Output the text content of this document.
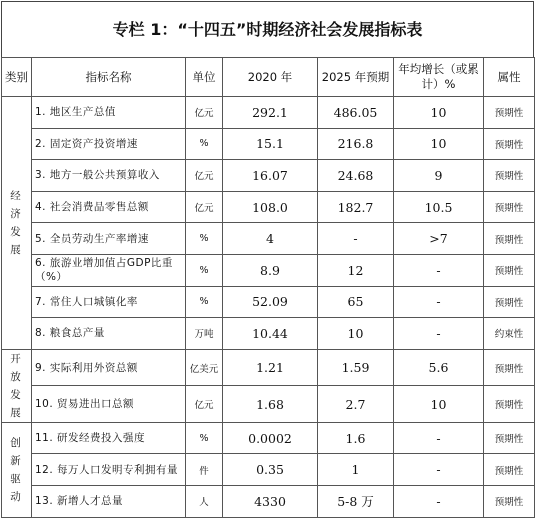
专栏 1：“十四五”时期经济社会发展指标表
类别	指标名称	单位	2020 年	2025 年预期	年均增长（或累计）%	属性
经济发展	1. 地区生产总值	亿元	292.1	486.05	10	预期性
	2. 固定资产投资增速	%	15.1	216.8	10	预期性
	3. 地方一般公共预算收入	亿元	16.07	24.68	9	预期性
	4. 社会消费品零售总额	亿元	108.0	182.7	10.5	预期性
	5. 全员劳动生产率增速	%	4	-	>7	预期性
	6. 旅游业增加值占GDP比重（%）	%	8.9	12	-	预期性
	7. 常住人口城镇化率	%	52.09	65	-	预期性
	8. 粮食总产量	万吨	10.44	10	-	约束性
开放发展	9. 实际利用外资总额	亿美元	1.21	1.59	5.6	预期性
	10. 贸易进出口总额	亿元	1.68	2.7	10	预期性
创新驱动	11. 研发经费投入强度	%	0.0002	1.6	-	预期性
	12. 每万人口发明专利拥有量	件	0.35	1	-	预期性
	13. 新增人才总量	人	4330	5-8 万	-	预期性
